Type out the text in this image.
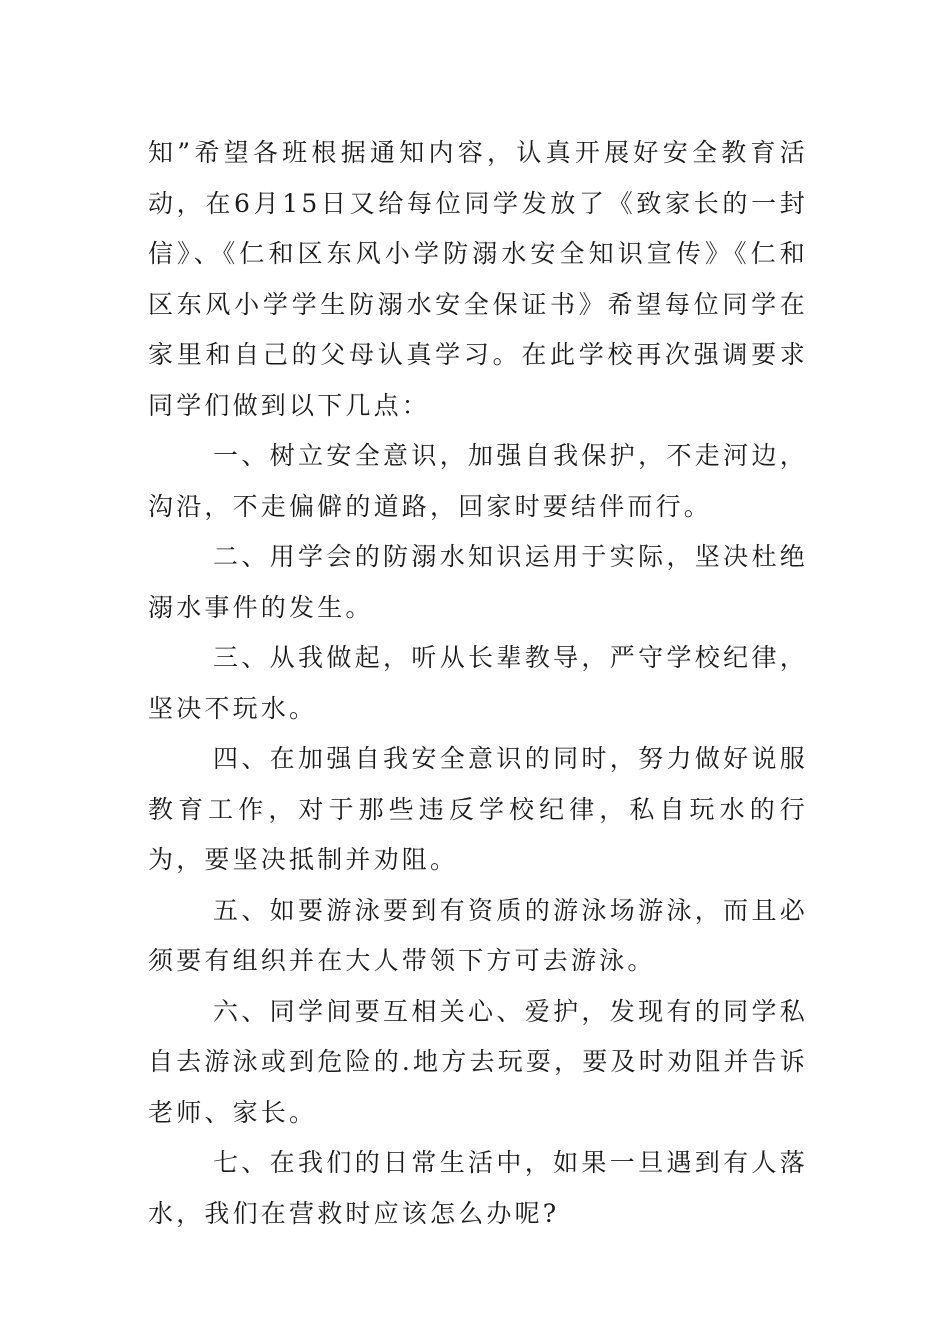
知”希望各班根据通知内容，认真开展好安全教育活动，在6月15日又给每位同学发放了《致家长的一封信》、《仁和区东风小学防溺水安全知识宣传》《仁和区东风小学学生防溺水安全保证书》希望每位同学在家里和自己的父母认真学习。在此学校再次强调要求同学们做到以下几点：

一、树立安全意识，加强自我保护，不走河边，沟沿，不走偏僻的道路，回家时要结伴而行。

二、用学会的防溺水知识运用于实际，坚决杜绝溺水事件的发生。

三、从我做起，听从长辈教导，严守学校纪律，坚决不玩水。

四、在加强自我安全意识的同时，努力做好说服教育工作，对于那些违反学校纪律，私自玩水的行为，要坚决抵制并劝阻。

五、如要游泳要到有资质的游泳场游泳，而且必须要有组织并在大人带领下方可去游泳。

六、同学间要互相关心、爱护，发现有的同学私自去游泳或到危险的.地方去玩耍，要及时劝阻并告诉老师、家长。

七、在我们的日常生活中，如果一旦遇到有人落水，我们在营救时应该怎么办呢?
